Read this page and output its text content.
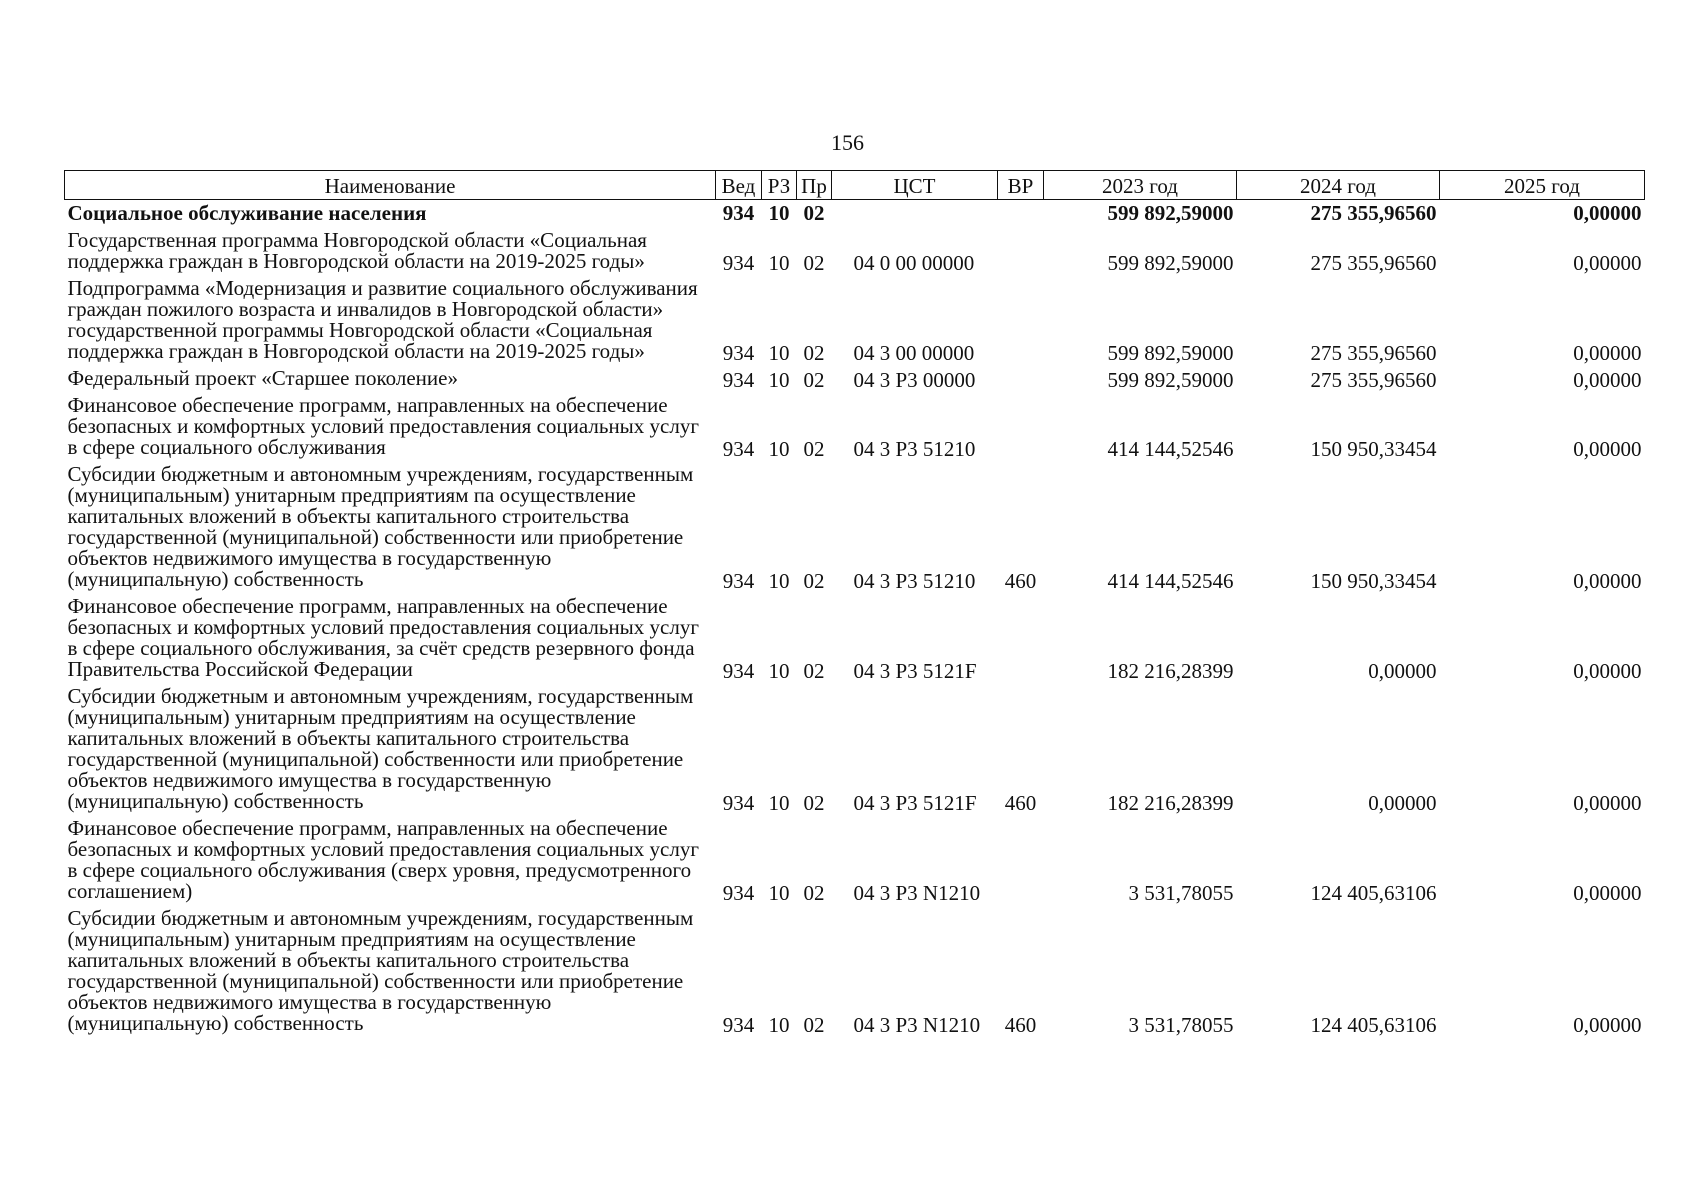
156
Наименование	Вед	РЗ	Пр	ЦСТ	ВР	2023 год	2024 год	2025 год
Социальное обслуживание населения	934	10	02			599 892,59000	275 355,96560	0,00000
Государственная программа Новгородской области «Социальная поддержка граждан в Новгородской области на 2019-2025 годы»	934	10	02	04 0 00 00000		599 892,59000	275 355,96560	0,00000
Подпрограмма «Модернизация и развитие социального обслуживания граждан пожилого возраста и инвалидов в Новгородской области» государственной программы Новгородской области «Социальная поддержка граждан в Новгородской области на 2019-2025 годы»	934	10	02	04 3 00 00000		599 892,59000	275 355,96560	0,00000
Федеральный проект «Старшее поколение»	934	10	02	04 3 P3 00000		599 892,59000	275 355,96560	0,00000
Финансовое обеспечение программ, направленных на обеспечение безопасных и комфортных условий предоставления социальных услуг в сфере социального обслуживания	934	10	02	04 3 P3 51210		414 144,52546	150 950,33454	0,00000
Субсидии бюджетным и автономным учреждениям, государственным (муниципальным) унитарным предприятиям па осуществление капитальных вложений в объекты капитального строительства государственной (муниципальной) собственности или приобретение объектов недвижимого имущества в государственную (муниципальную) собственность	934	10	02	04 3 P3 51210	460	414 144,52546	150 950,33454	0,00000
Финансовое обеспечение программ, направленных на обеспечение безопасных и комфортных условий предоставления социальных услуг в сфере социального обслуживания, за счёт средств резервного фонда Правительства Российской Федерации	934	10	02	04 3 P3 5121F		182 216,28399	0,00000	0,00000
Субсидии бюджетным и автономным учреждениям, государственным (муниципальным) унитарным предприятиям на осуществление капитальных вложений в объекты капитального строительства государственной (муниципальной) собственности или приобретение объектов недвижимого имущества в государственную (муниципальную) собственность	934	10	02	04 3 P3 5121F	460	182 216,28399	0,00000	0,00000
Финансовое обеспечение программ, направленных на обеспечение безопасных и комфортных условий предоставления социальных услуг в сфере социального обслуживания (сверх уровня, предусмотренного соглашением)	934	10	02	04 3 P3 N1210		3 531,78055	124 405,63106	0,00000
Субсидии бюджетным и автономным учреждениям, государственным (муниципальным) унитарным предприятиям на осуществление капитальных вложений в объекты капитального строительства государственной (муниципальной) собственности или приобретение объектов недвижимого имущества в государственную (муниципальную) собственность	934	10	02	04 3 P3 N1210	460	3 531,78055	124 405,63106	0,00000
